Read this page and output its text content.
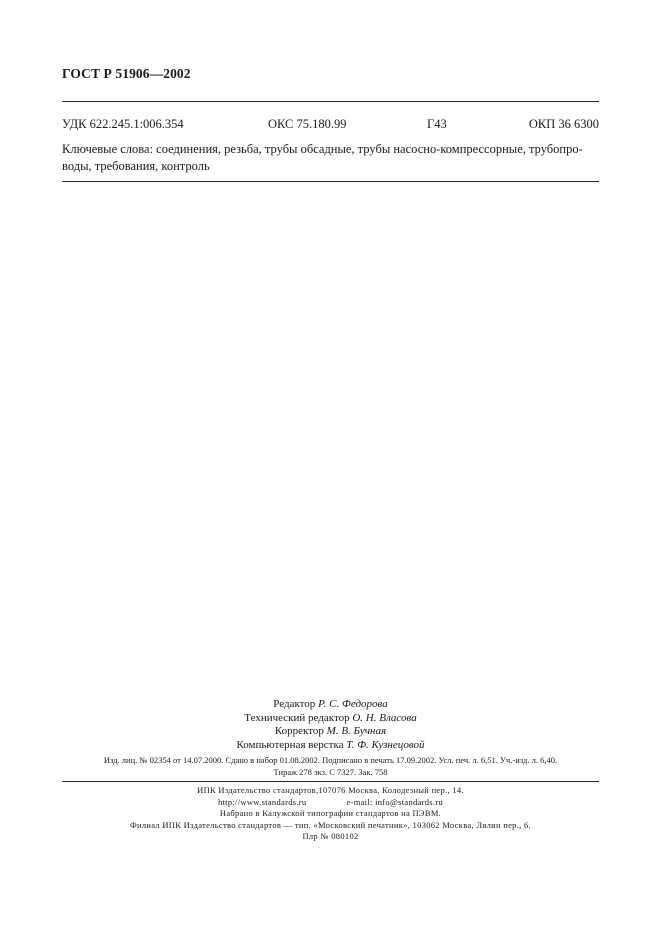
ГОСТ Р 51906—2002
УДК 622.245.1:006.354	ОКС 75.180.99	Г43	ОКП 36 6300
Ключевые слова: соединения, резьба, трубы обсадные, трубы насосно-компрессорные, трубопро-
воды, требования, контроль
Редактор Р. С. Федорова
Технический редактор О. Н. Власова
Корректор М. В. Бучная
Компьютерная верстка Т. Ф. Кузнецовой
Изд. лиц. № 02354 от 14.07.2000. Сдано в набор 01.08.2002. Подписано в печать 17.09.2002. Усл. печ. л. 6,51. Уч.-изд. л. 6,40.
Тираж 278 экз. С 7327. Зак. 758
ИПК Издательство стандартов,107076 Москва, Колодезный пер., 14.
http://www.standards.ru	e-mail: info@standards.ru
Набрано в Калужской типографии стандартов на ПЭВМ.
Филиал ИПК Издательство стандартов — тип. «Московский печатник», 103062 Москва, Лялин пер., 6.
Плр № 080102
